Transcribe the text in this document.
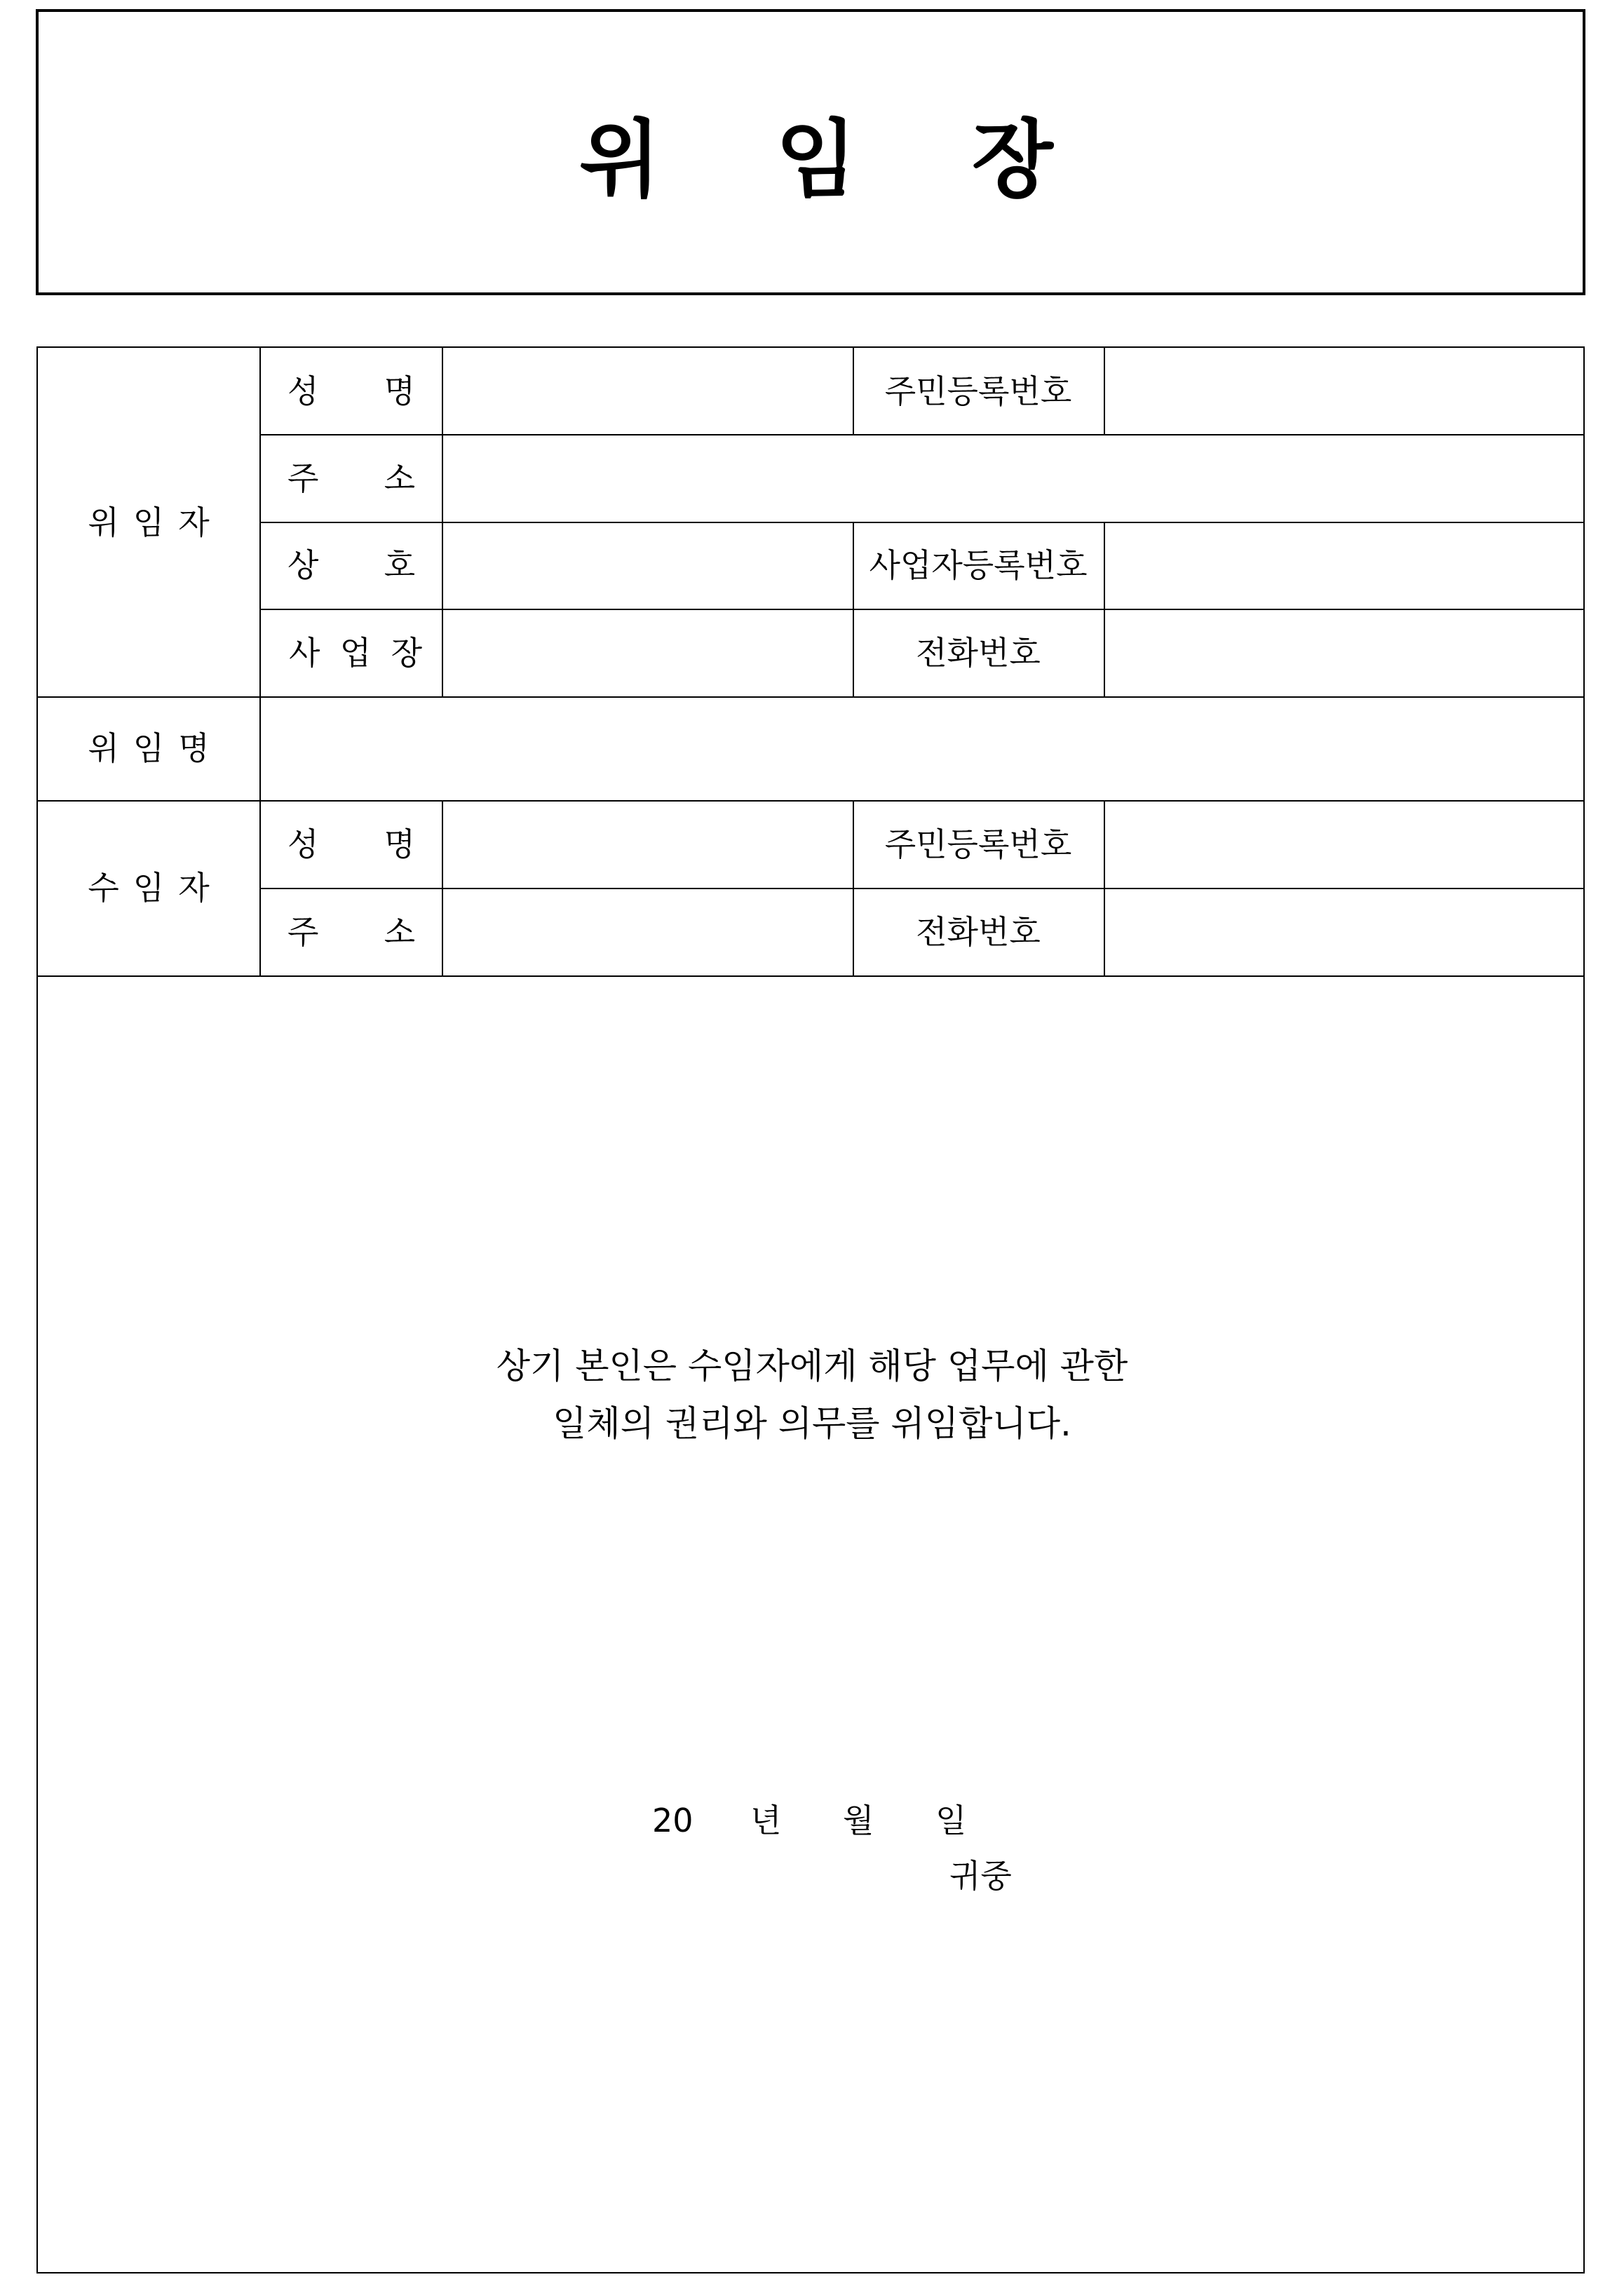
위 임 장
위 임 자
성 명	주민등록번호
주 소
상 호	사업자등록번호
사 업 장	전화번호
위 임 명
수 임 자
성 명	주민등록번호
주 소	전화번호
상기 본인은 수임자에게 해당 업무에 관한
일체의 권리와 의무를 위임합니다.
20 년 월 일
귀중
